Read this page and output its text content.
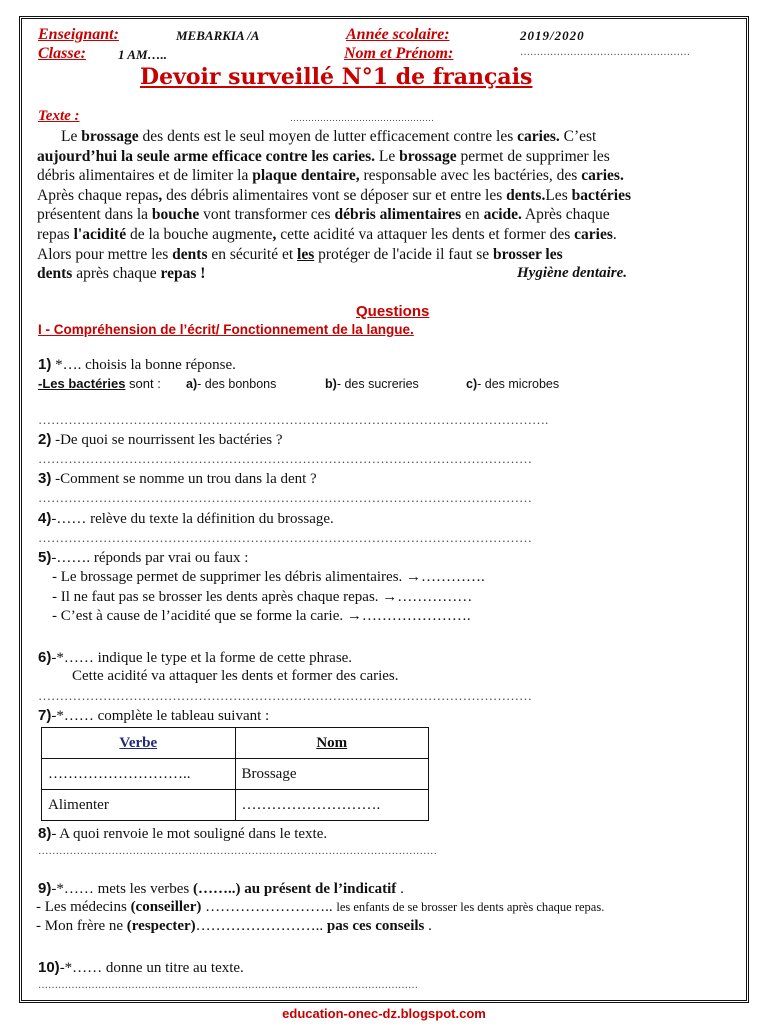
Enseignant:	MEBARKIA /A	Année scolaire:	2019/2020
Classe: 1 AM…..	Nom et Prénom:	……………………………………………
Devoir surveillé N°1 de français
Texte :	…………………………………………
Le brossage des dents est le seul moyen de lutter efficacement contre les caries. C’est
aujourd’hui la seule arme efficace contre les caries. Le brossage permet de supprimer les
débris alimentaires et de limiter la plaque dentaire, responsable avec les bactéries, des caries.
Après chaque repas, des débris alimentaires vont se déposer sur et entre les dents.Les bactéries
présentent dans la bouche vont transformer ces débris alimentaires en acide. Après chaque
repas l'acidité de la bouche augmente, cette acidité va attaquer les dents et former des caries.
Alors pour mettre les dents en sécurité et les protéger de l'acide il faut se brosser les
dents après chaque repas !	Hygiène dentaire.
Questions
I - Compréhension de l’écrit/ Fonctionnement de la langue.
1) *…. choisis la bonne réponse.
-Les bactéries sont : a)- des bonbons	b)- des sucreries	c)- des microbes
……………………………………………………………………………………………………….
2) -De quoi se nourrissent les bactéries ?
……………………………………………………………………………………………………
3) -Comment se nomme un trou dans la dent ?
……………………………………………………………………………………………………
4)-…… relève du texte la définition du brossage.
……………………………………………………………………………………………………
5)-……. réponds par vrai ou faux :
- Le brossage permet de supprimer les débris alimentaires. →………….
- Il ne faut pas se brosser les dents après chaque repas. →……………
- C’est à cause de l’acidité que se forme la carie. →………………….
6)-*…… indique le type et la forme de cette phrase.
Cette acidité va attaquer les dents et former des caries.
……………………………………………………………………………………………………
7)-*…… complète le tableau suivant :
Verbe	Nom
………………………..	Brossage
Alimenter	……………………….
8)- A quoi renvoie le mot souligné dans le texte.
……………………………………………………………………………………………………
9)-*…… mets les verbes (……..) au présent de l’indicatif .
- Les médecins (conseiller) …………………….. les enfants de se brosser les dents après chaque repas.
- Mon frère ne (respecter)…………………….. pas ces conseils .
10)-*…… donne un titre au texte.
……………………………………………………………………………………………………
education-onec-dz.blogspot.com
